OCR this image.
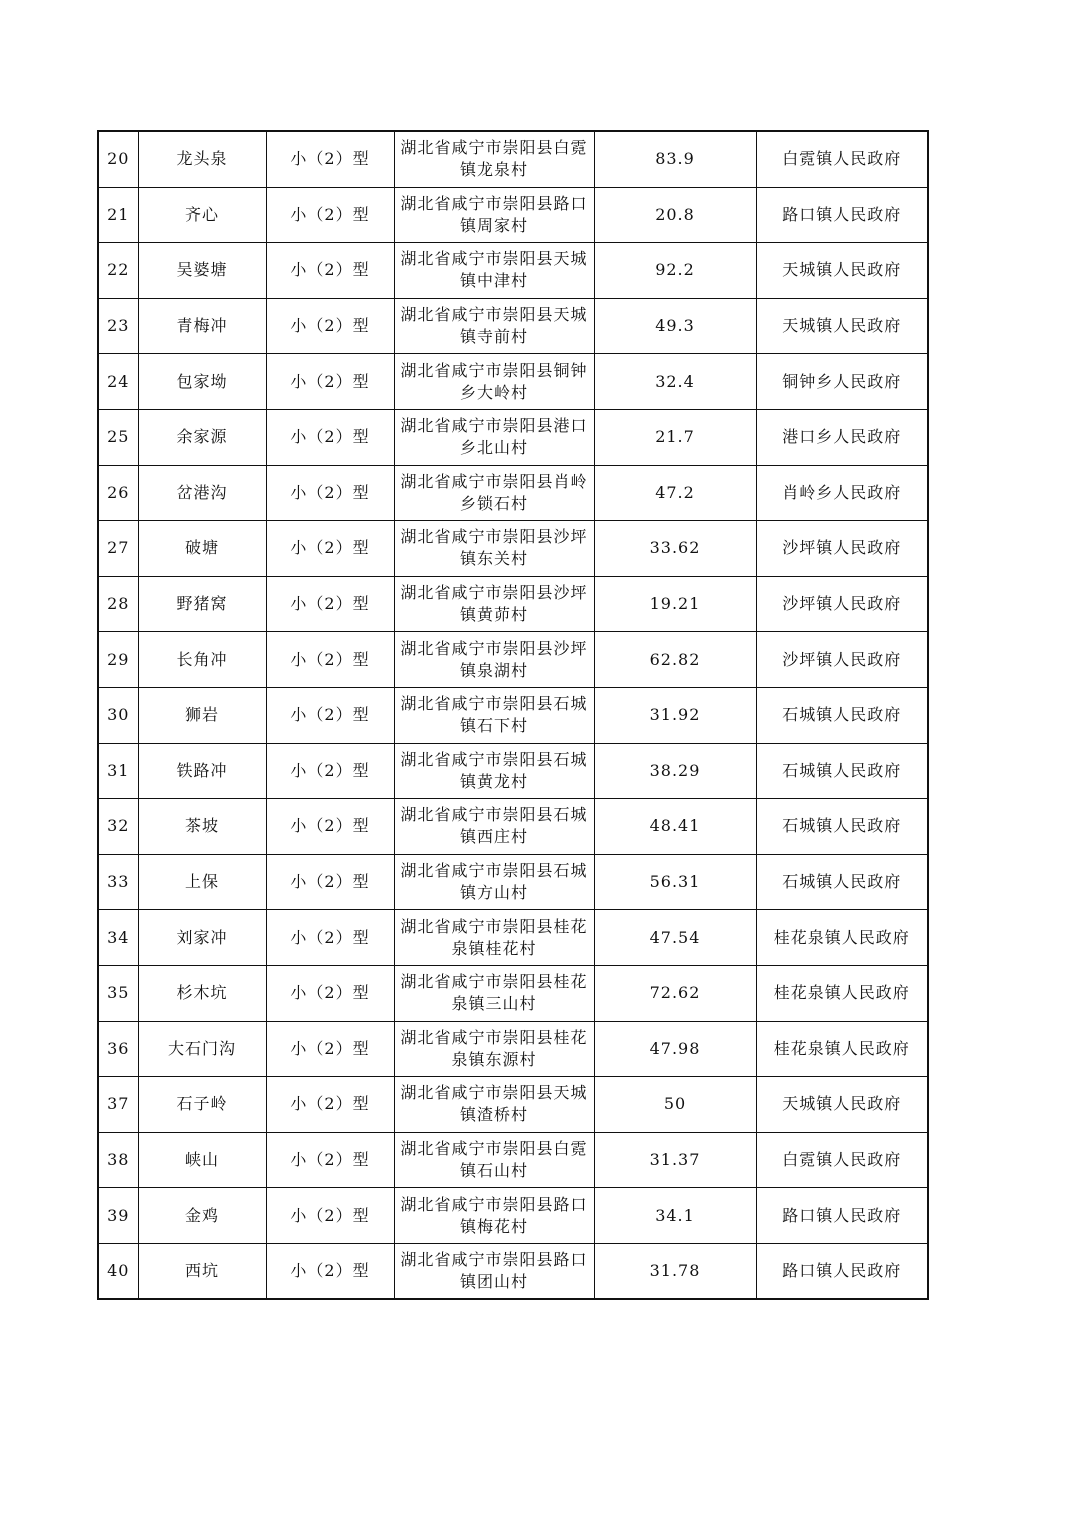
20	龙头泉	小（2）型	湖北省咸宁市崇阳县白霓镇龙泉村	83.9	白霓镇人民政府
21	齐心	小（2）型	湖北省咸宁市崇阳县路口镇周家村	20.8	路口镇人民政府
22	吴婆塘	小（2）型	湖北省咸宁市崇阳县天城镇中津村	92.2	天城镇人民政府
23	青梅冲	小（2）型	湖北省咸宁市崇阳县天城镇寺前村	49.3	天城镇人民政府
24	包家坳	小（2）型	湖北省咸宁市崇阳县铜钟乡大岭村	32.4	铜钟乡人民政府
25	余家源	小（2）型	湖北省咸宁市崇阳县港口乡北山村	21.7	港口乡人民政府
26	岔港沟	小（2）型	湖北省咸宁市崇阳县肖岭乡锁石村	47.2	肖岭乡人民政府
27	破塘	小（2）型	湖北省咸宁市崇阳县沙坪镇东关村	33.62	沙坪镇人民政府
28	野猪窝	小（2）型	湖北省咸宁市崇阳县沙坪镇黄茆村	19.21	沙坪镇人民政府
29	长角冲	小（2）型	湖北省咸宁市崇阳县沙坪镇泉湖村	62.82	沙坪镇人民政府
30	狮岩	小（2）型	湖北省咸宁市崇阳县石城镇石下村	31.92	石城镇人民政府
31	铁路冲	小（2）型	湖北省咸宁市崇阳县石城镇黄龙村	38.29	石城镇人民政府
32	茶坡	小（2）型	湖北省咸宁市崇阳县石城镇西庄村	48.41	石城镇人民政府
33	上保	小（2）型	湖北省咸宁市崇阳县石城镇方山村	56.31	石城镇人民政府
34	刘家冲	小（2）型	湖北省咸宁市崇阳县桂花泉镇桂花村	47.54	桂花泉镇人民政府
35	杉木坑	小（2）型	湖北省咸宁市崇阳县桂花泉镇三山村	72.62	桂花泉镇人民政府
36	大石门沟	小（2）型	湖北省咸宁市崇阳县桂花泉镇东源村	47.98	桂花泉镇人民政府
37	石子岭	小（2）型	湖北省咸宁市崇阳县天城镇渣桥村	50	天城镇人民政府
38	峡山	小（2）型	湖北省咸宁市崇阳县白霓镇石山村	31.37	白霓镇人民政府
39	金鸡	小（2）型	湖北省咸宁市崇阳县路口镇梅花村	34.1	路口镇人民政府
40	西坑	小（2）型	湖北省咸宁市崇阳县路口镇团山村	31.78	路口镇人民政府
